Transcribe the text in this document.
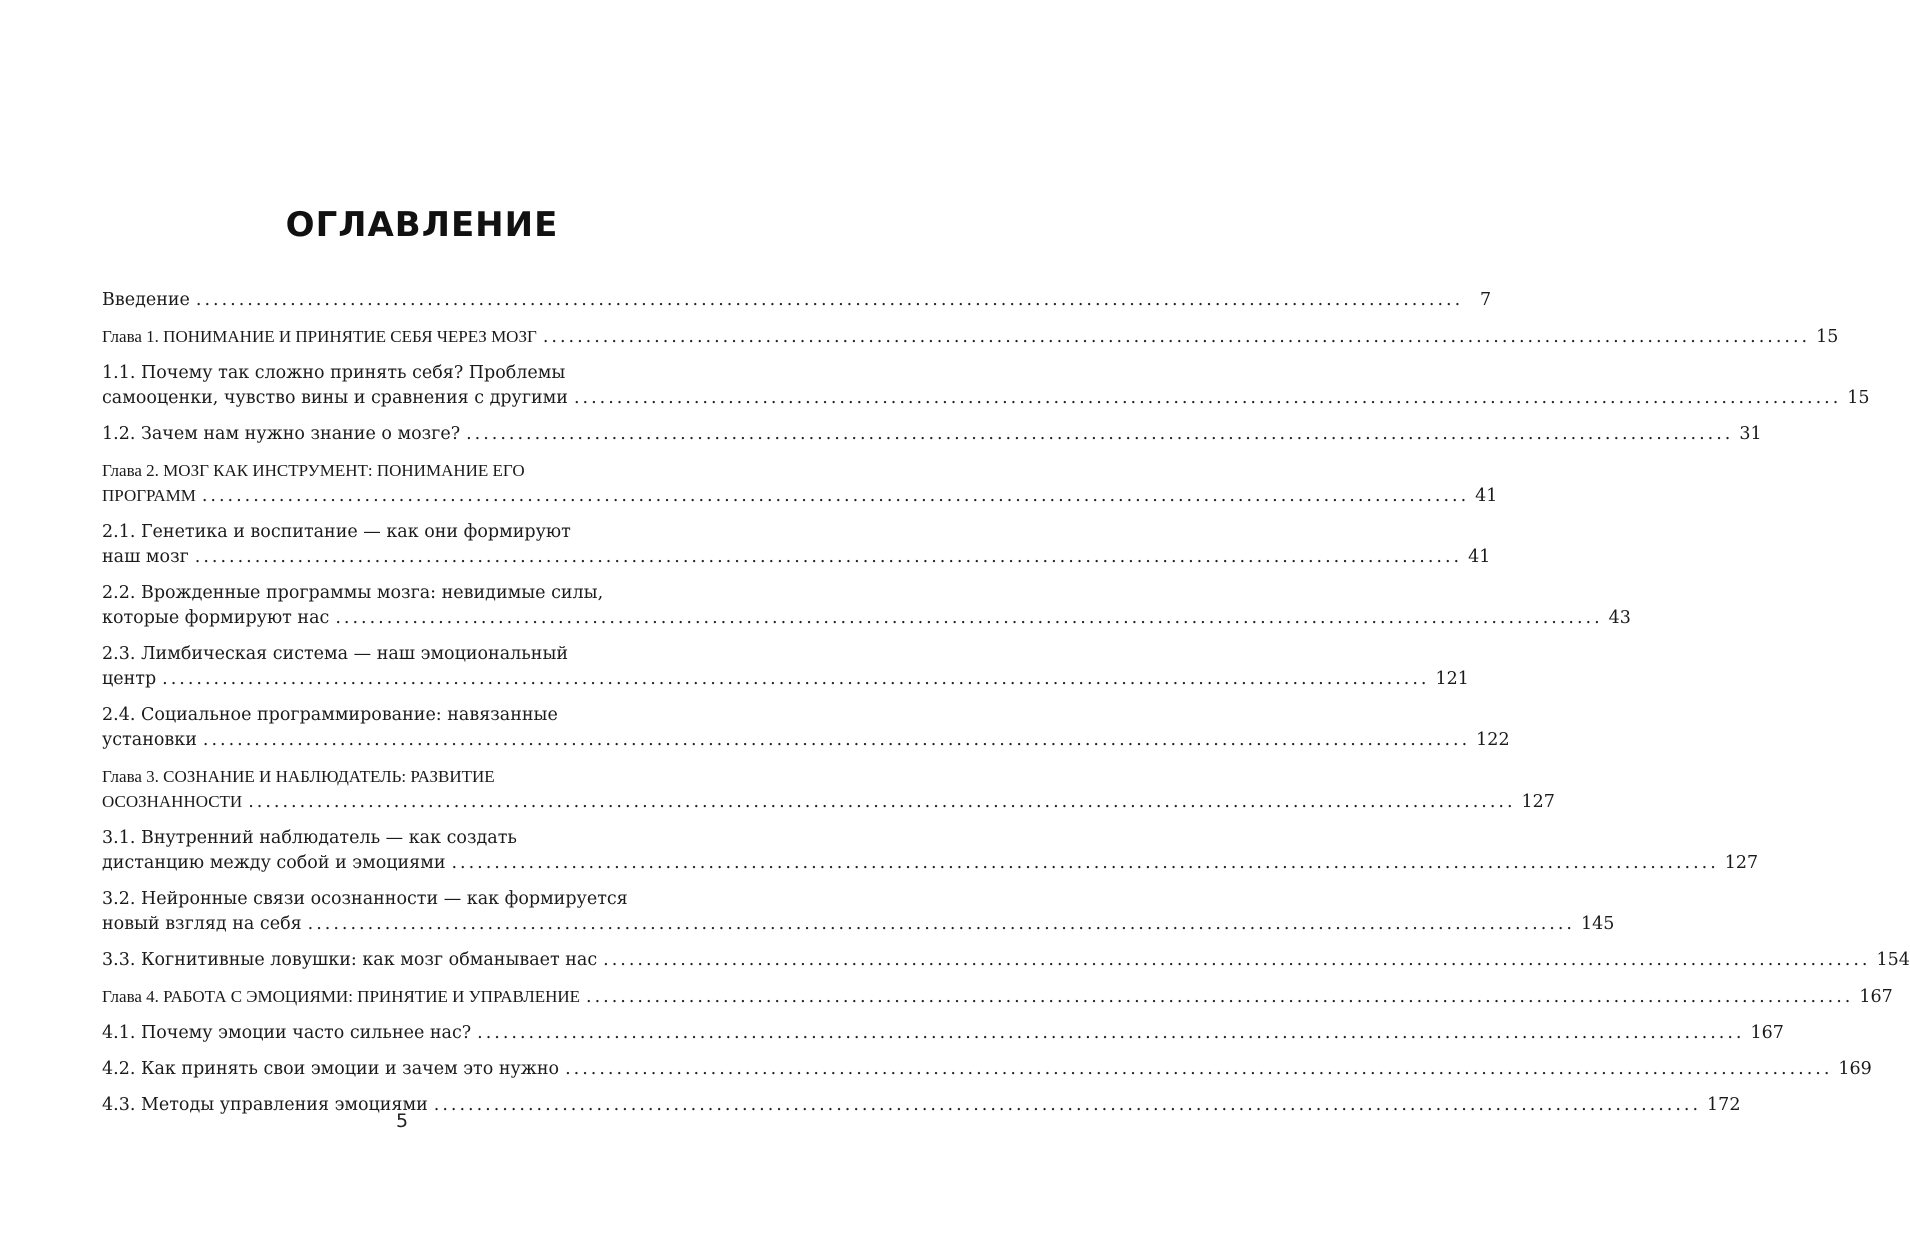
ОГЛАВЛЕНИЕ
Введение .................................................................................................................................................... 7
Глава 1. ПОНИМАНИЕ И ПРИНЯТИЕ СЕБЯ ЧЕРЕЗ МОЗГ .................................................................................................................................................... 15
1.1. Почему так сложно принять себя? Проблемы
самооценки, чувство вины и сравнения с другими .................................................................................................................................................... 15
1.2. Зачем нам нужно знание о мозге? .................................................................................................................................................... 31
Глава 2. МОЗГ КАК ИНСТРУМЕНТ: ПОНИМАНИЕ ЕГО
ПРОГРАММ .................................................................................................................................................... 41
2.1. Генетика и воспитание — как они формируют
наш мозг .................................................................................................................................................... 41
2.2. Врожденные программы мозга: невидимые силы,
которые формируют нас .................................................................................................................................................... 43
2.3. Лимбическая система — наш эмоциональный
центр .................................................................................................................................................... 121
2.4. Социальное программирование: навязанные
установки .................................................................................................................................................... 122
Глава 3. СОЗНАНИЕ И НАБЛЮДАТЕЛЬ: РАЗВИТИЕ
ОСОЗНАННОСТИ .................................................................................................................................................... 127
3.1. Внутренний наблюдатель — как создать
дистанцию между собой и эмоциями .................................................................................................................................................... 127
3.2. Нейронные связи осознанности — как формируется
новый взгляд на себя .................................................................................................................................................... 145
3.3. Когнитивные ловушки: как мозг обманывает нас .................................................................................................................................................... 154
Глава 4. РАБОТА С ЭМОЦИЯМИ: ПРИНЯТИЕ И УПРАВЛЕНИЕ .................................................................................................................................................... 167
4.1. Почему эмоции часто сильнее нас? .................................................................................................................................................... 167
4.2. Как принять свои эмоции и зачем это нужно .................................................................................................................................................... 169
4.3. Методы управления эмоциями .................................................................................................................................................... 172
5
